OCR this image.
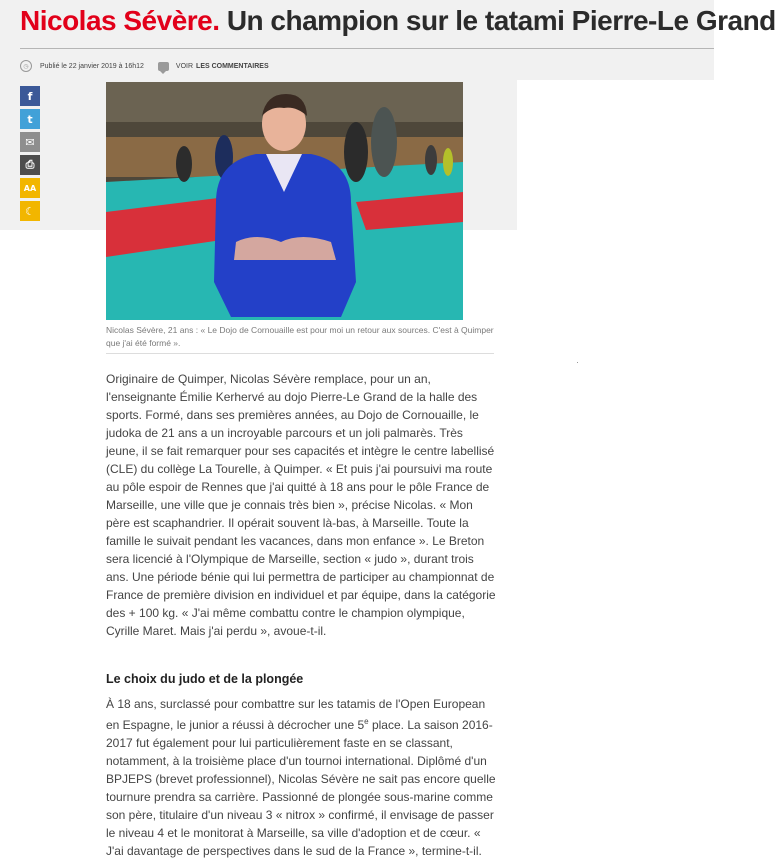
Nicolas Sévère. Un champion sur le tatami Pierre-Le Grand
◷	Publié le 22 janvier 2019 à 16h12	VOIR LES COMMENTAIRES
f
t
✉
⎙
AA
☾
Nicolas Sévère, 21 ans : « Le Dojo de Cornouaille est pour moi un retour aux sources. C'est à Quimper que j'ai été formé ».

Originaire de Quimper, Nicolas Sévère remplace, pour un an, l'enseignante Émilie Kerhervé au dojo Pierre-Le Grand de la halle des sports. Formé, dans ses premières années, au Dojo de Cornouaille, le judoka de 21 ans a un incroyable parcours et un joli palmarès. Très jeune, il se fait remarquer pour ses capacités et intègre le centre labellisé (CLE) du collège La Tourelle, à Quimper. « Et puis j'ai poursuivi ma route au pôle espoir de Rennes que j'ai quitté à 18 ans pour le pôle France de Marseille, une ville que je connais très bien », précise Nicolas. « Mon père est scaphandrier. Il opérait souvent là-bas, à Marseille. Toute la famille le suivait pendant les vacances, dans mon enfance ». Le Breton sera licencié à l'Olympique de Marseille, section « judo », durant trois ans. Une période bénie qui lui permettra de participer au championnat de France de première division en individuel et par équipe, dans la catégorie des + 100 kg. « J'ai même combattu contre le champion olympique, Cyrille Maret. Mais j'ai perdu », avoue-t-il.

Le choix du judo et de la plongée

À 18 ans, surclassé pour combattre sur les tatamis de l'Open European en Espagne, le junior a réussi à décrocher une 5e place. La saison 2016-2017 fut également pour lui particulièrement faste en se classant, notamment, à la troisième place d'un tournoi international. Diplômé d'un BPJEPS (brevet professionnel), Nicolas Sévère ne sait pas encore quelle tournure prendra sa carrière. Passionné de plongée sous-marine comme son père, titulaire d'un niveau 3 « nitrox » confirmé, il envisage de passer le niveau 4 et le monitorat à Marseille, sa ville d'adoption et de cœur. « J'ai davantage de perspectives dans le sud de la France », termine-t-il.
